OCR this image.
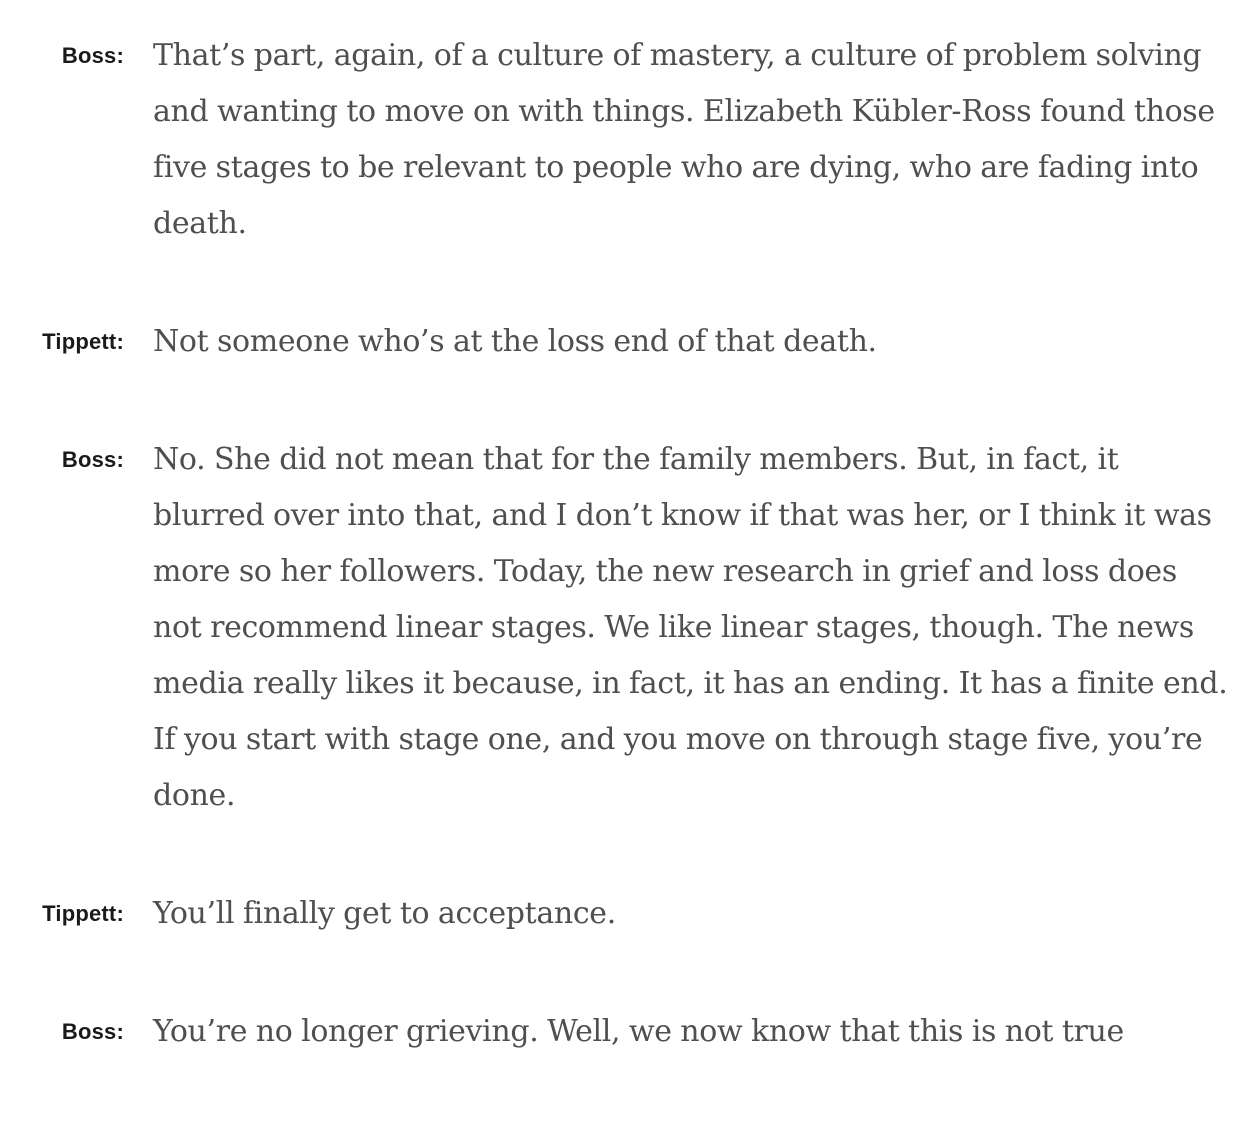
Boss: That’s part, again, of a culture of mastery, a culture of problem solving and wanting to move on with things. Elizabeth Kübler-Ross found those five stages to be relevant to people who are dying, who are fading into death.
Tippett: Not someone who’s at the loss end of that death.
Boss: No. She did not mean that for the family members. But, in fact, it blurred over into that, and I don’t know if that was her, or I think it was more so her followers. Today, the new research in grief and loss does not recommend linear stages. We like linear stages, though. The news media really likes it because, in fact, it has an ending. It has a finite end. If you start with stage one, and you move on through stage five, you’re done.
Tippett: You’ll finally get to acceptance.
Boss: You’re no longer grieving. Well, we now know that this is not true
